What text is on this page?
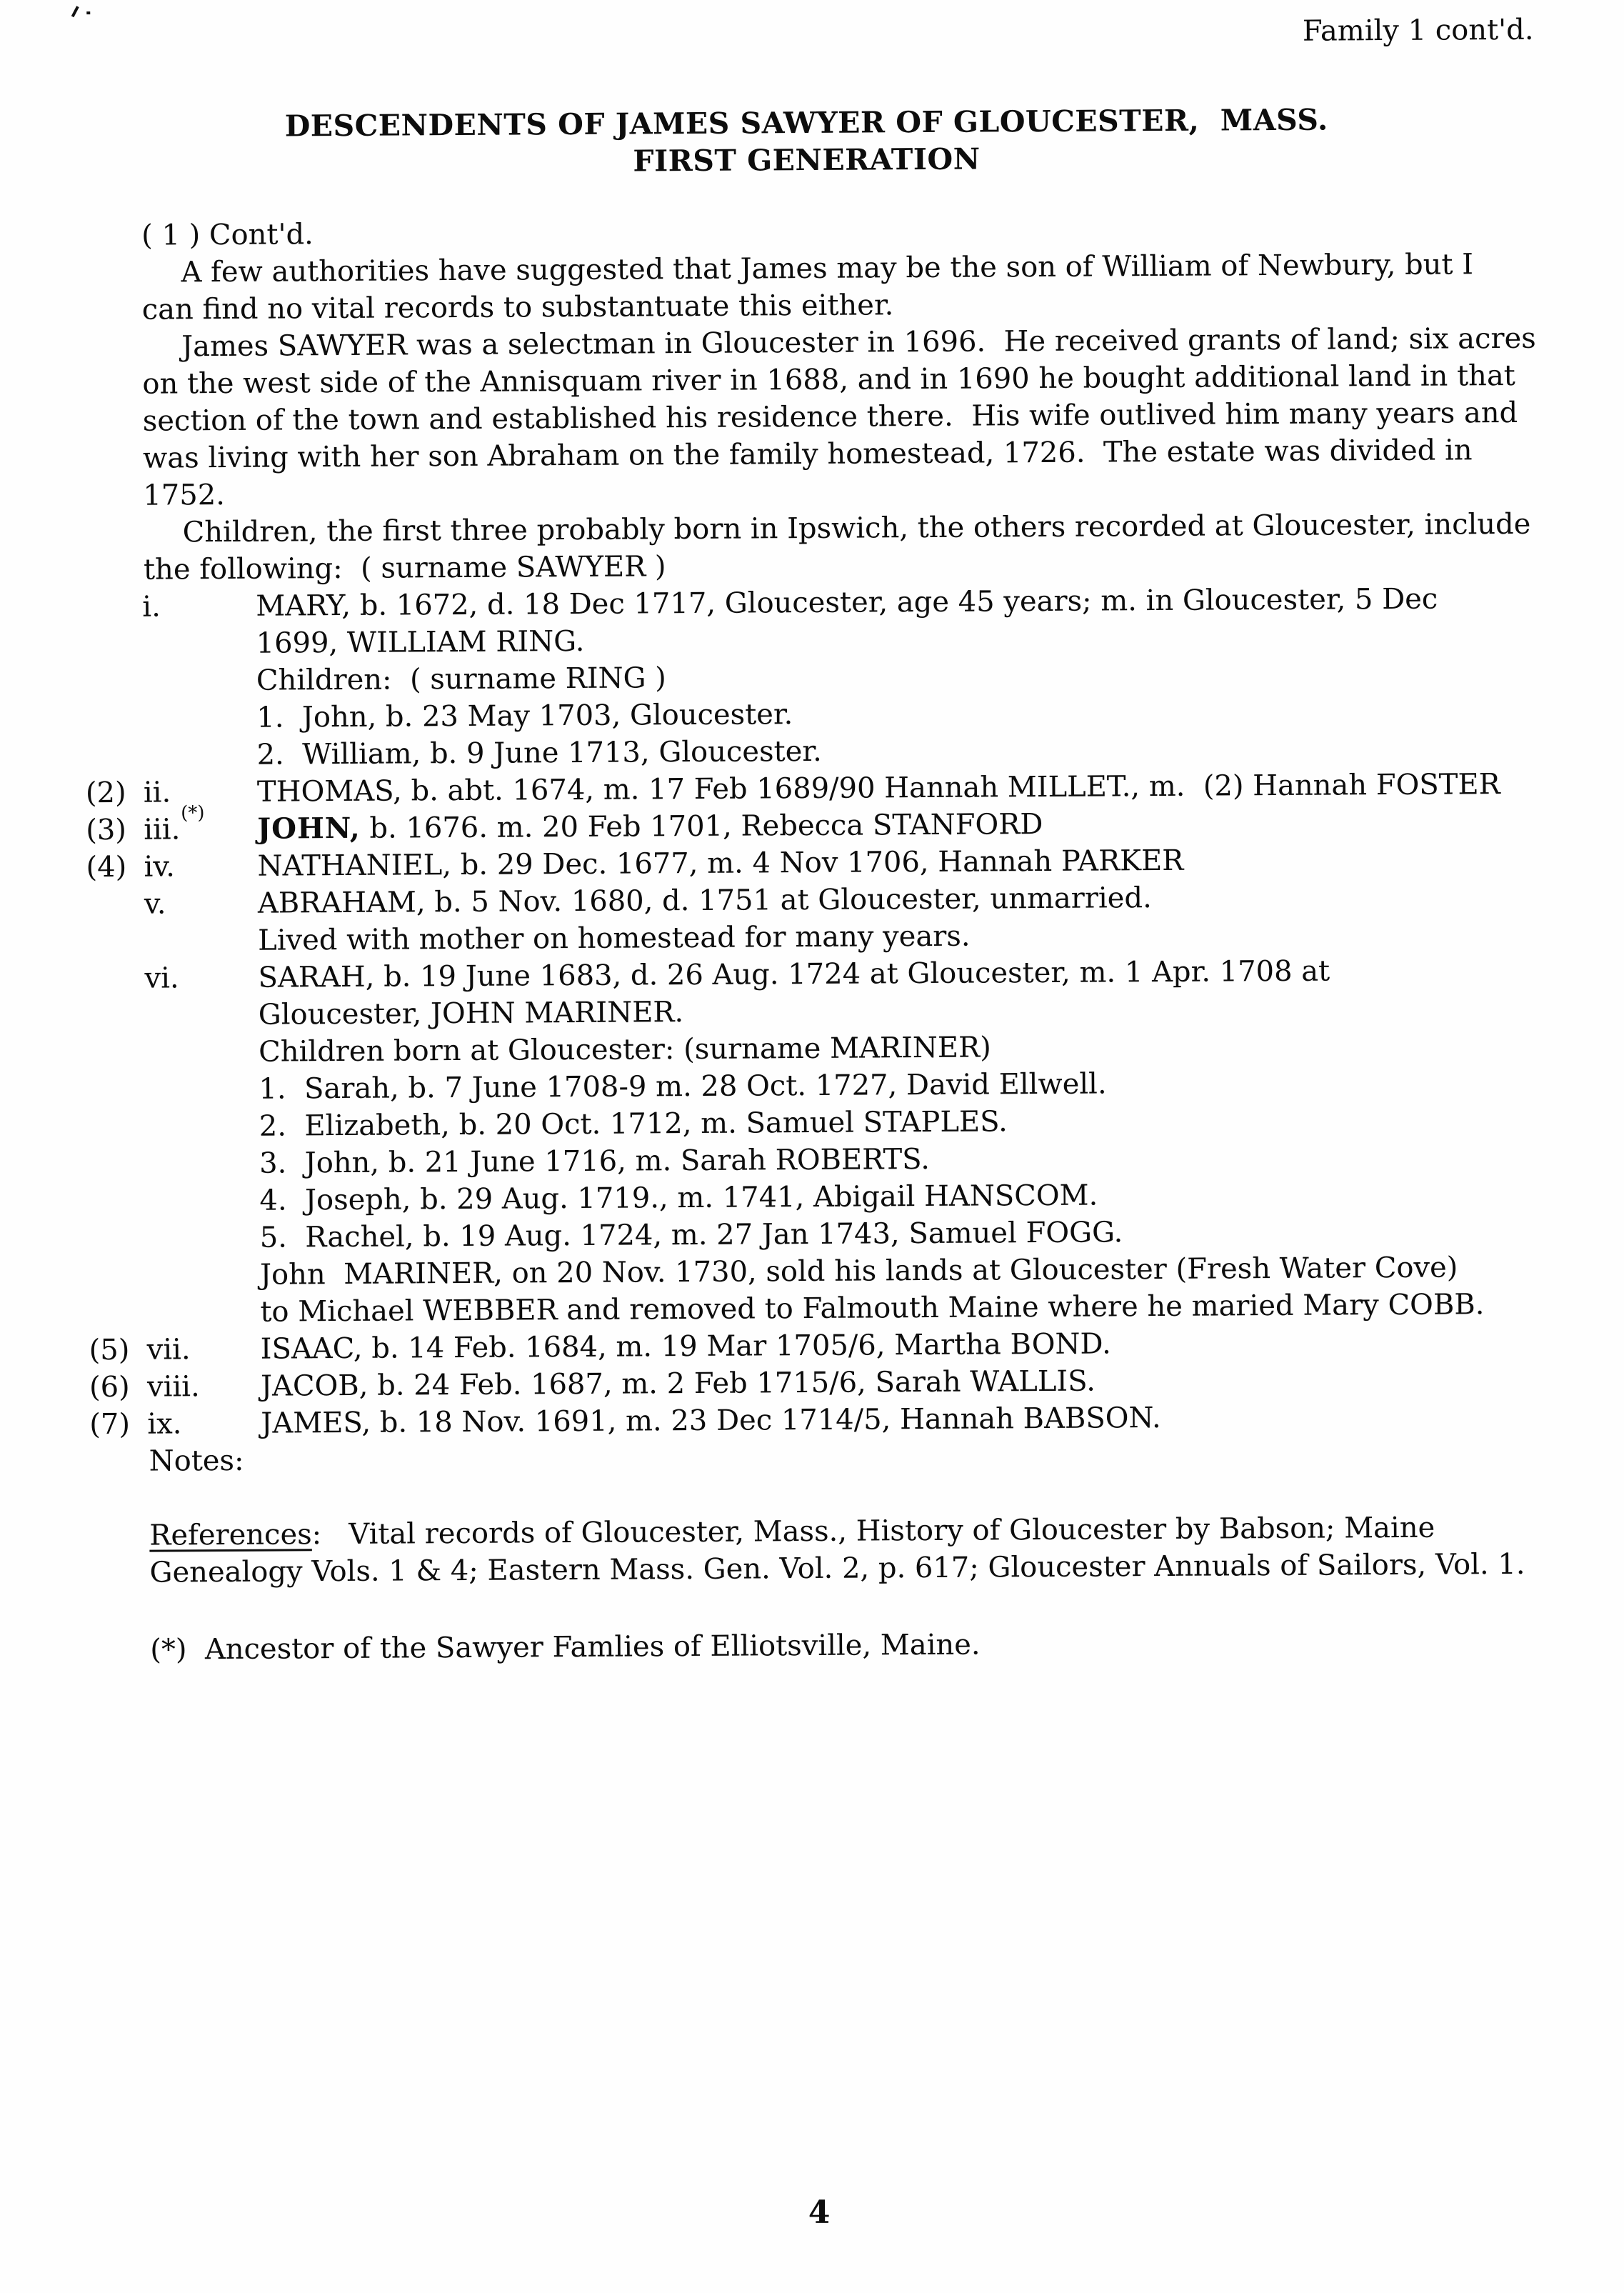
Family 1 cont'd.
DESCENDENTS OF JAMES SAWYER OF GLOUCESTER,  MASS.
FIRST GENERATION
( 1 ) Cont'd.
A few authorities have suggested that James may be the son of William of Newbury, but I
can find no vital records to substantuate this either.
James SAWYER was a selectman in Gloucester in 1696.  He received grants of land; six acres
on the west side of the Annisquam river in 1688, and in 1690 he bought additional land in that
section of the town and established his residence there.  His wife outlived him many years and
was living with her son Abraham on the family homestead, 1726.  The estate was divided in
1752.
Children, the first three probably born in Ipswich, the others recorded at Gloucester, include
the following:  ( surname SAWYER )
i.	MARY, b. 1672, d. 18 Dec 1717, Gloucester, age 45 years; m. in Gloucester, 5 Dec
1699, WILLIAM RING.
Children:  ( surname RING )
1.  John, b. 23 May 1703, Gloucester.
2.  William, b. 9 June 1713, Gloucester.
(2) ii.	THOMAS, b. abt. 1674, m. 17 Feb 1689/90 Hannah MILLET., m.  (2) Hannah FOSTER
(3) iii.(*) JOHN, b. 1676. m. 20 Feb 1701, Rebecca STANFORD
(4) iv.	NATHANIEL, b. 29 Dec. 1677, m. 4 Nov 1706, Hannah PARKER
v.	ABRAHAM, b. 5 Nov. 1680, d. 1751 at Gloucester, unmarried.
Lived with mother on homestead for many years.
vi.	SARAH, b. 19 June 1683, d. 26 Aug. 1724 at Gloucester, m. 1 Apr. 1708 at
Gloucester, JOHN MARINER.
Children born at Gloucester: (surname MARINER)
1.  Sarah, b. 7 June 1708-9 m. 28 Oct. 1727, David Ellwell.
2.  Elizabeth, b. 20 Oct. 1712, m. Samuel STAPLES.
3.  John, b. 21 June 1716, m. Sarah ROBERTS.
4.  Joseph, b. 29 Aug. 1719., m. 1741, Abigail HANSCOM.
5.  Rachel, b. 19 Aug. 1724, m. 27 Jan 1743, Samuel FOGG.
John  MARINER, on 20 Nov. 1730, sold his lands at Gloucester (Fresh Water Cove)
to Michael WEBBER and removed to Falmouth Maine where he maried Mary COBB.
(5) vii. ISAAC, b. 14 Feb. 1684, m. 19 Mar 1705/6, Martha BOND.
(6) viii. JACOB, b. 24 Feb. 1687, m. 2 Feb 1715/6, Sarah WALLIS.
(7) ix.	JAMES, b. 18 Nov. 1691, m. 23 Dec 1714/5, Hannah BABSON.
Notes:
References:   Vital records of Gloucester, Mass., History of Gloucester by Babson; Maine
Genealogy Vols. 1 & 4; Eastern Mass. Gen. Vol. 2, p. 617; Gloucester Annuals of Sailors, Vol. 1.
(*)  Ancestor of the Sawyer Famlies of Elliotsville, Maine.
4
